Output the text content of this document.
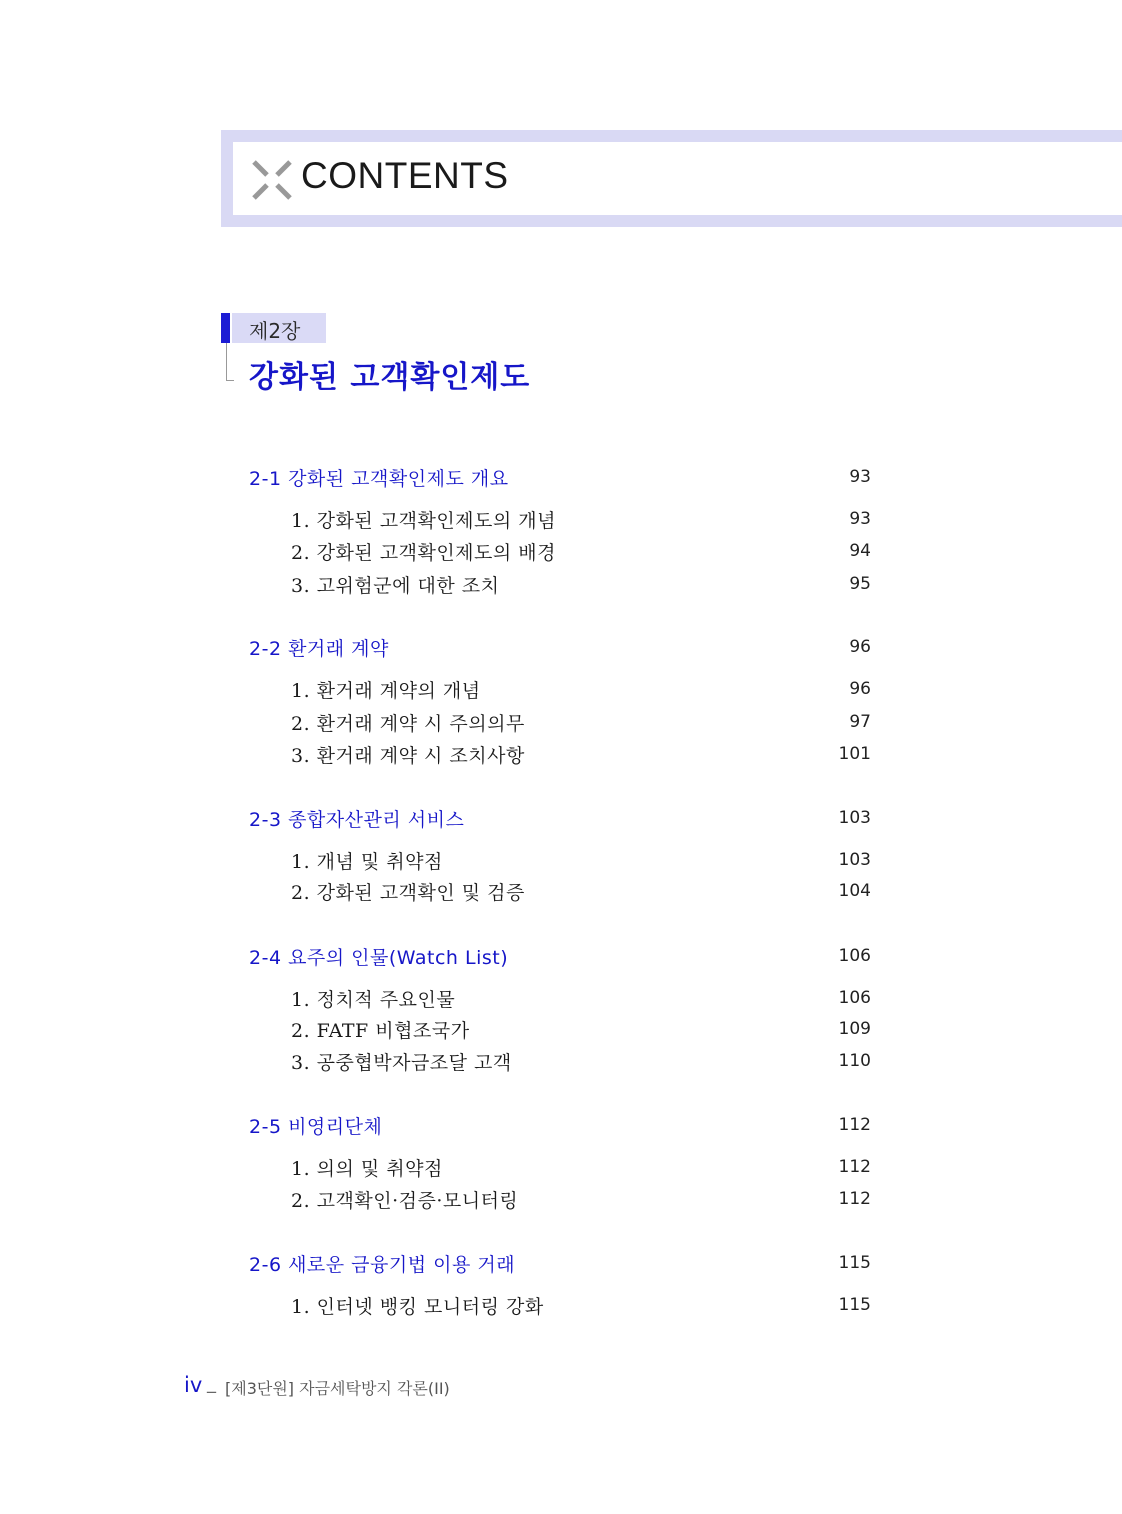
CONTENTS
제2장
강화된 고객확인제도
2-1 강화된 고객확인제도 개요	93
1. 강화된 고객확인제도의 개념	93
2. 강화된 고객확인제도의 배경	94
3. 고위험군에 대한 조치	95
2-2 환거래 계약	96
1. 환거래 계약의 개념	96
2. 환거래 계약 시 주의의무	97
3. 환거래 계약 시 조치사항	101
2-3 종합자산관리 서비스	103
1. 개념 및 취약점	103
2. 강화된 고객확인 및 검증	104
2-4 요주의 인물(Watch List)	106
1. 정치적 주요인물	106
2. FATF 비협조국가	109
3. 공중협박자금조달 고객	110
2-5 비영리단체	112
1. 의의 및 취약점	112
2. 고객확인·검증·모니터링	112
2-6 새로운 금융기법 이용 거래	115
1. 인터넷 뱅킹 모니터링 강화	115
iv _ [제3단원] 자금세탁방지 각론(II)
